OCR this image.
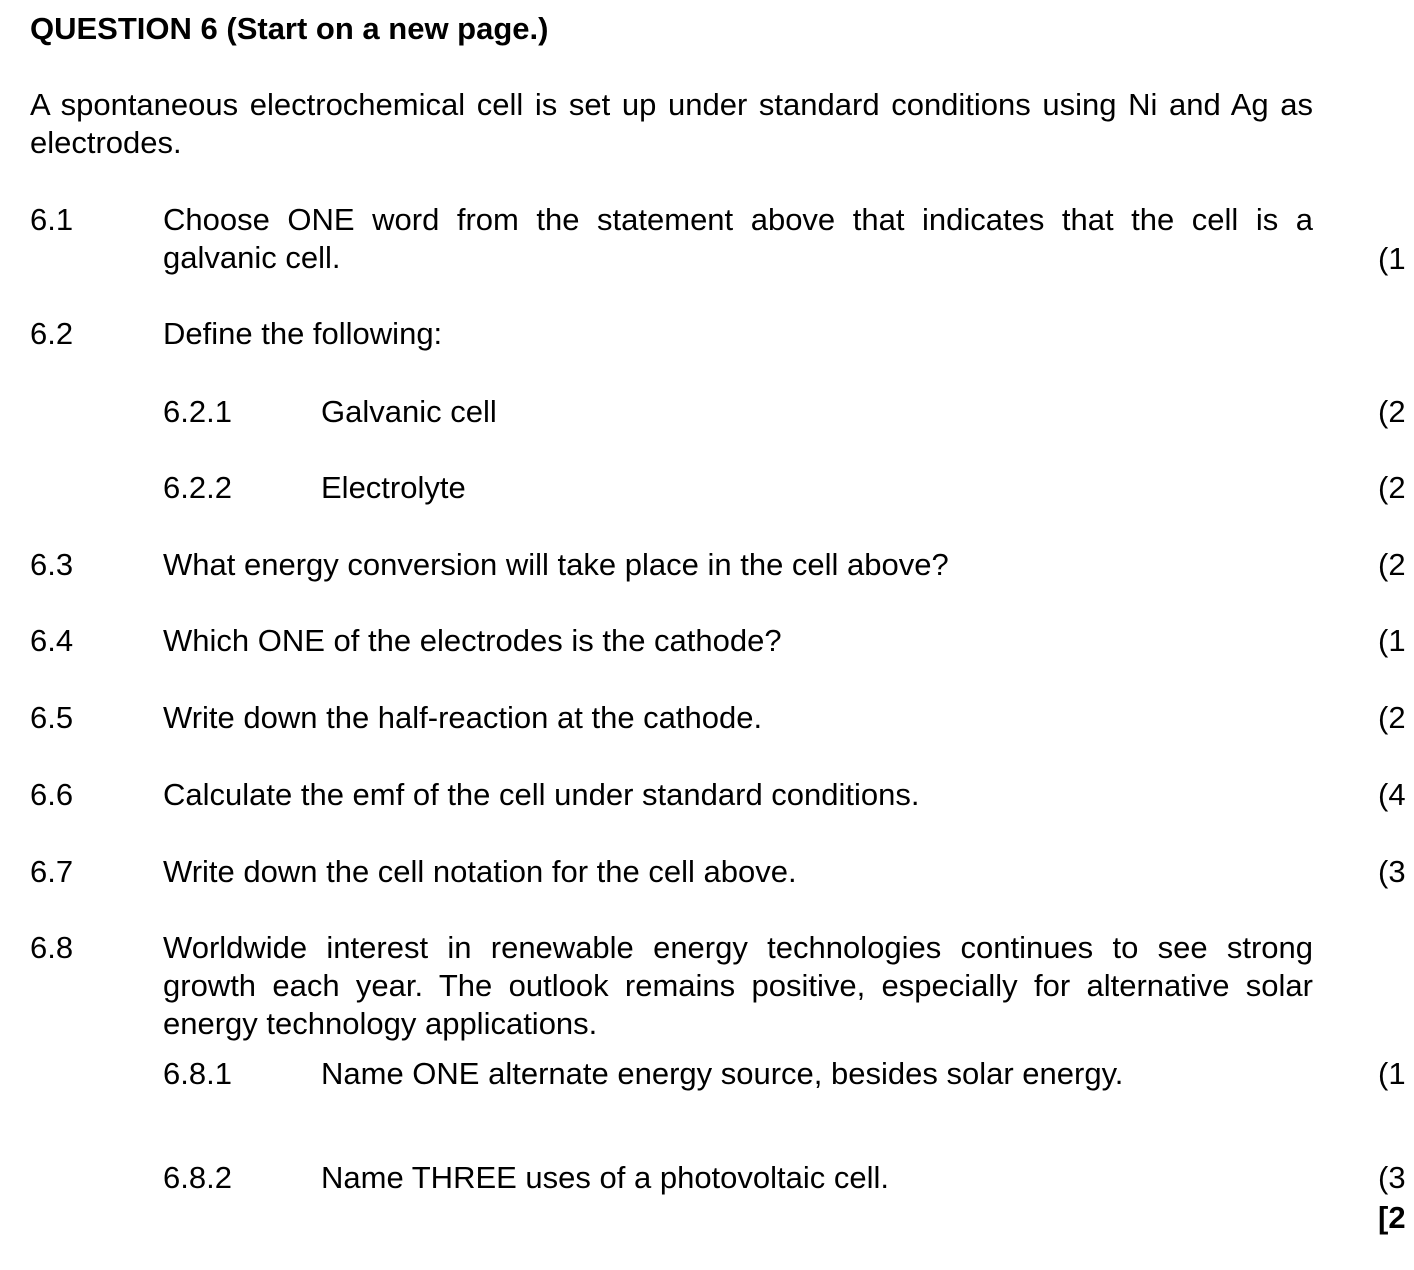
QUESTION 6 (Start on a new page.)
A spontaneous electrochemical cell is set up under standard conditions using Ni and Ag as electrodes.
6.1	Choose ONE word from the statement above that indicates that the cell is a galvanic cell.	(1
6.2	Define the following:
6.2.1	Galvanic cell	(2
6.2.2	Electrolyte	(2
6.3	What energy conversion will take place in the cell above?	(2
6.4	Which ONE of the electrodes is the cathode?	(1
6.5	Write down the half-reaction at the cathode.	(2
6.6	Calculate the emf of the cell under standard conditions.	(4
6.7	Write down the cell notation for the cell above.	(3
6.8	Worldwide interest in renewable energy technologies continues to see strong growth each year. The outlook remains positive, especially for alternative solar energy technology applications.
6.8.1	Name ONE alternate energy source, besides solar energy.	(1
6.8.2	Name THREE uses of a photovoltaic cell.	(3
[2
